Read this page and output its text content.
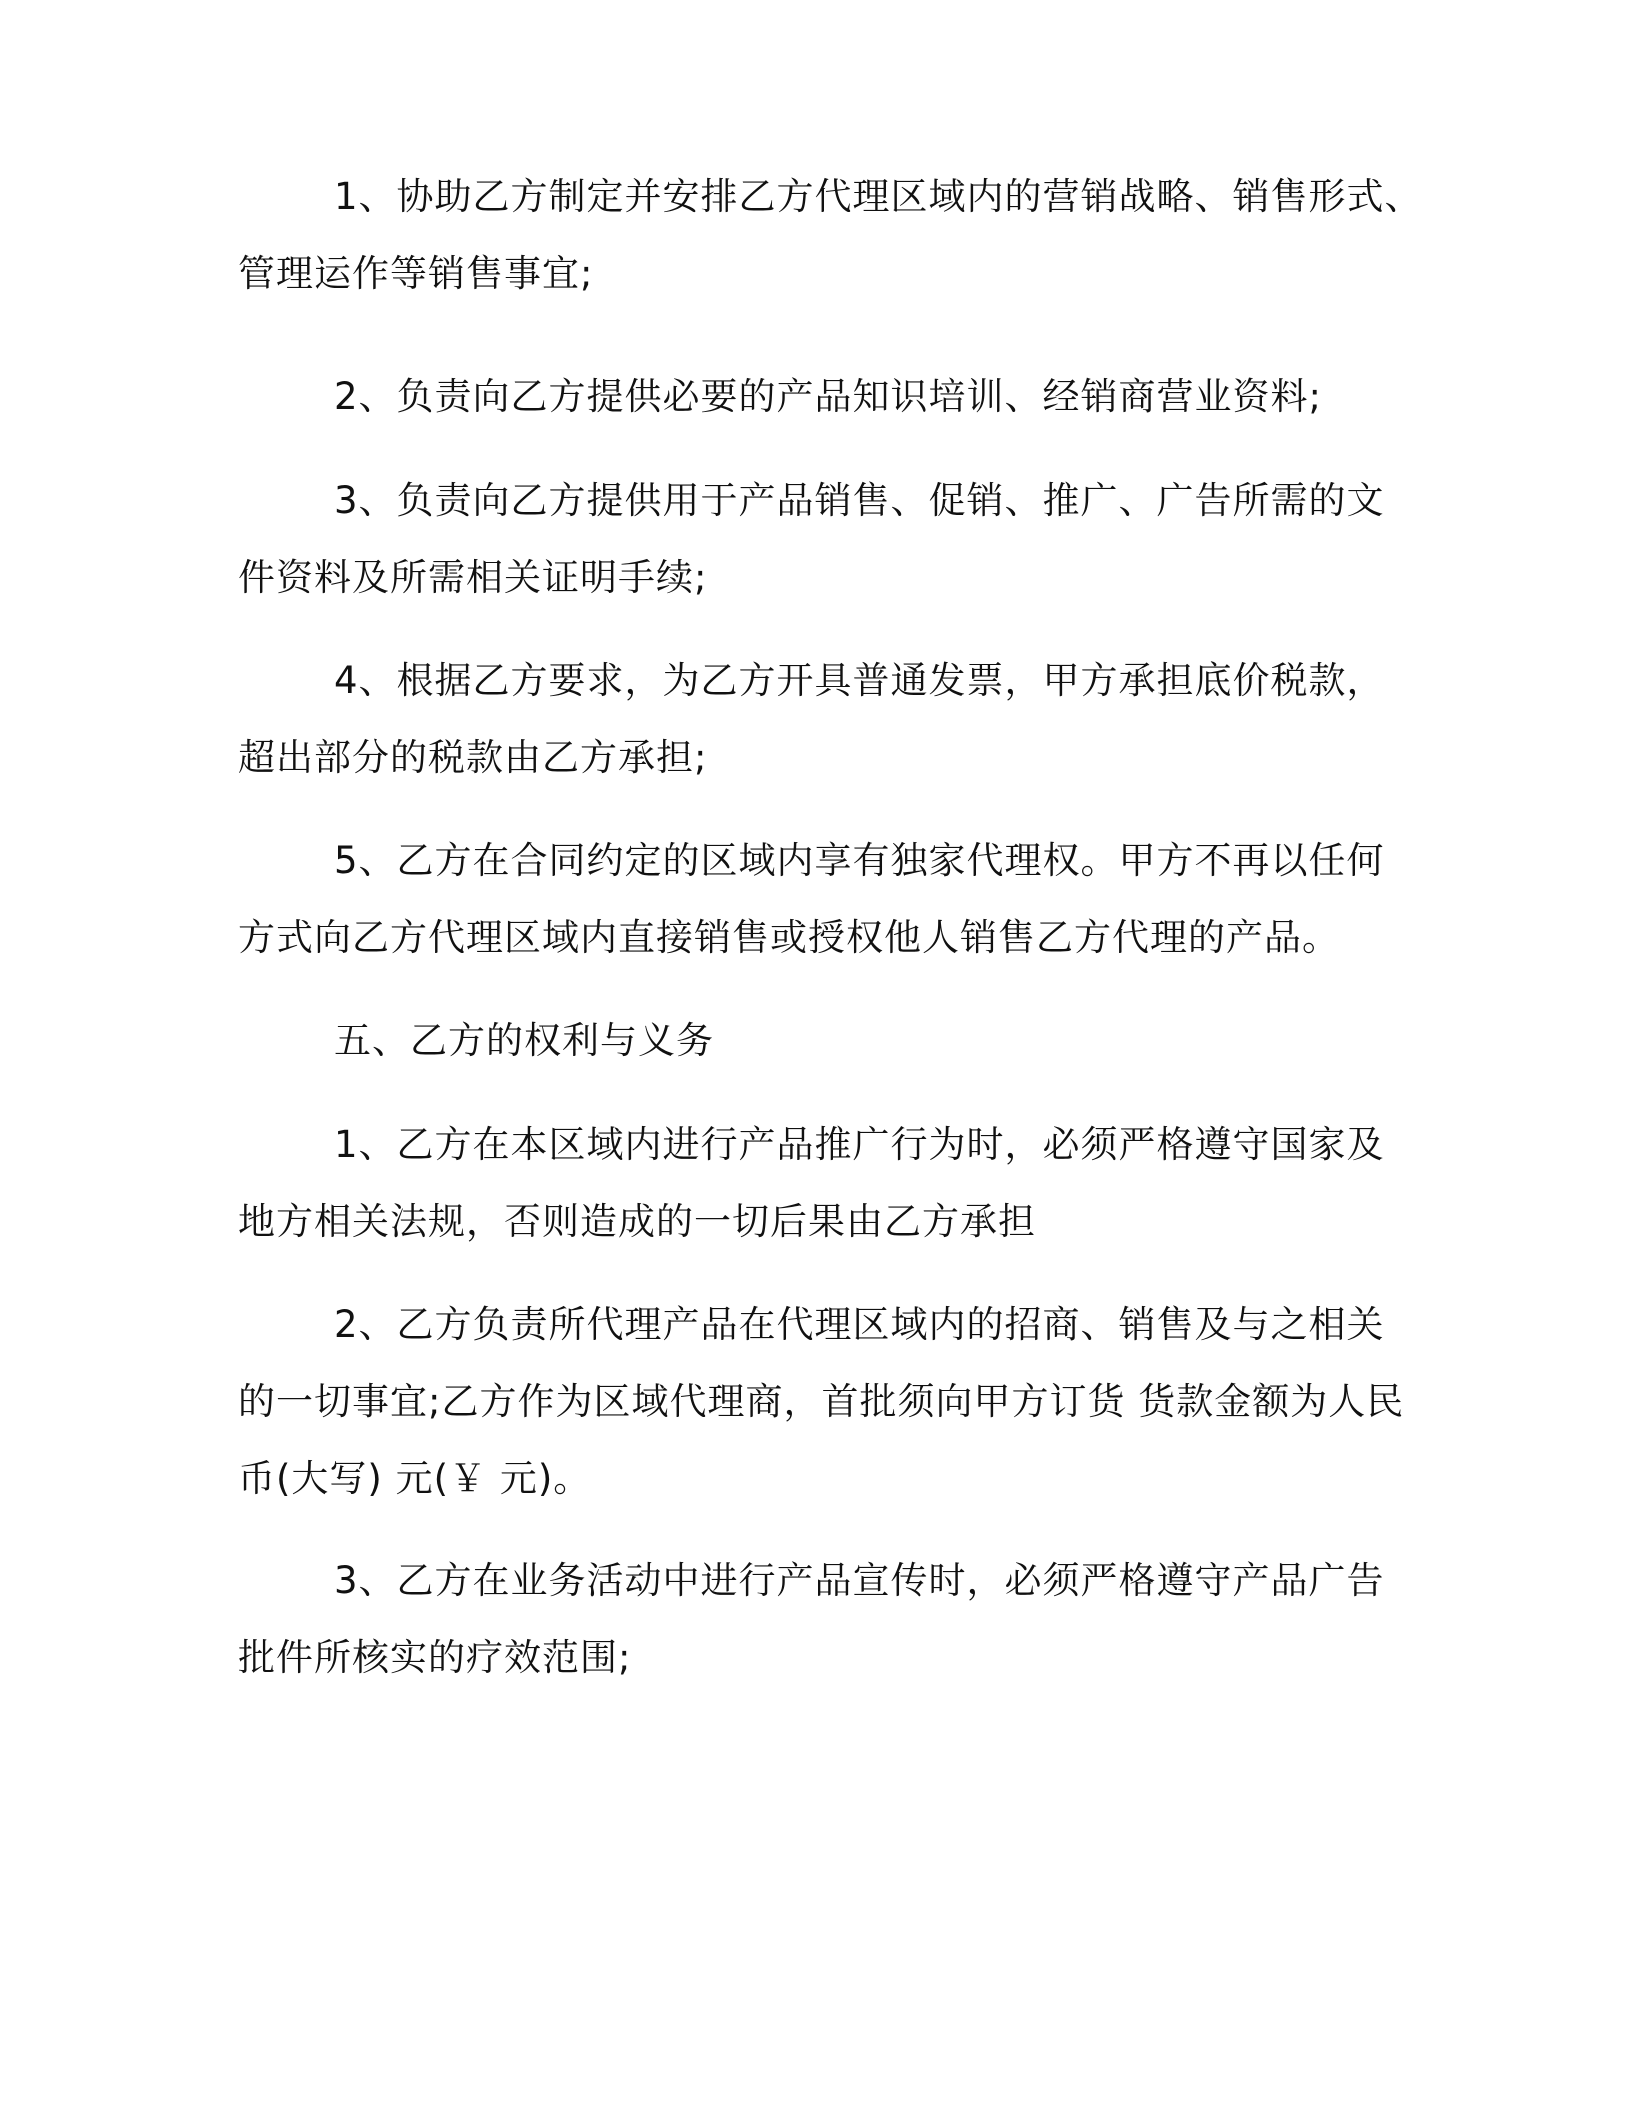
1、协助乙方制定并安排乙方代理区域内的营销战略、销售形式、
管理运作等销售事宜;

2、负责向乙方提供必要的产品知识培训、经销商营业资料;

3、负责向乙方提供用于产品销售、促销、推广、广告所需的文
件资料及所需相关证明手续;

4、根据乙方要求，为乙方开具普通发票，甲方承担底价税款，
超出部分的税款由乙方承担;

5、乙方在合同约定的区域内享有独家代理权。甲方不再以任何
方式向乙方代理区域内直接销售或授权他人销售乙方代理的产品。

五、乙方的权利与义务

1、乙方在本区域内进行产品推广行为时，必须严格遵守国家及
地方相关法规，否则造成的一切后果由乙方承担

2、乙方负责所代理产品在代理区域内的招商、销售及与之相关
的一切事宜;乙方作为区域代理商，首批须向甲方订货 货款金额为人民
币(大写) 元(￥ 元)。

3、乙方在业务活动中进行产品宣传时，必须严格遵守产品广告
批件所核实的疗效范围;
